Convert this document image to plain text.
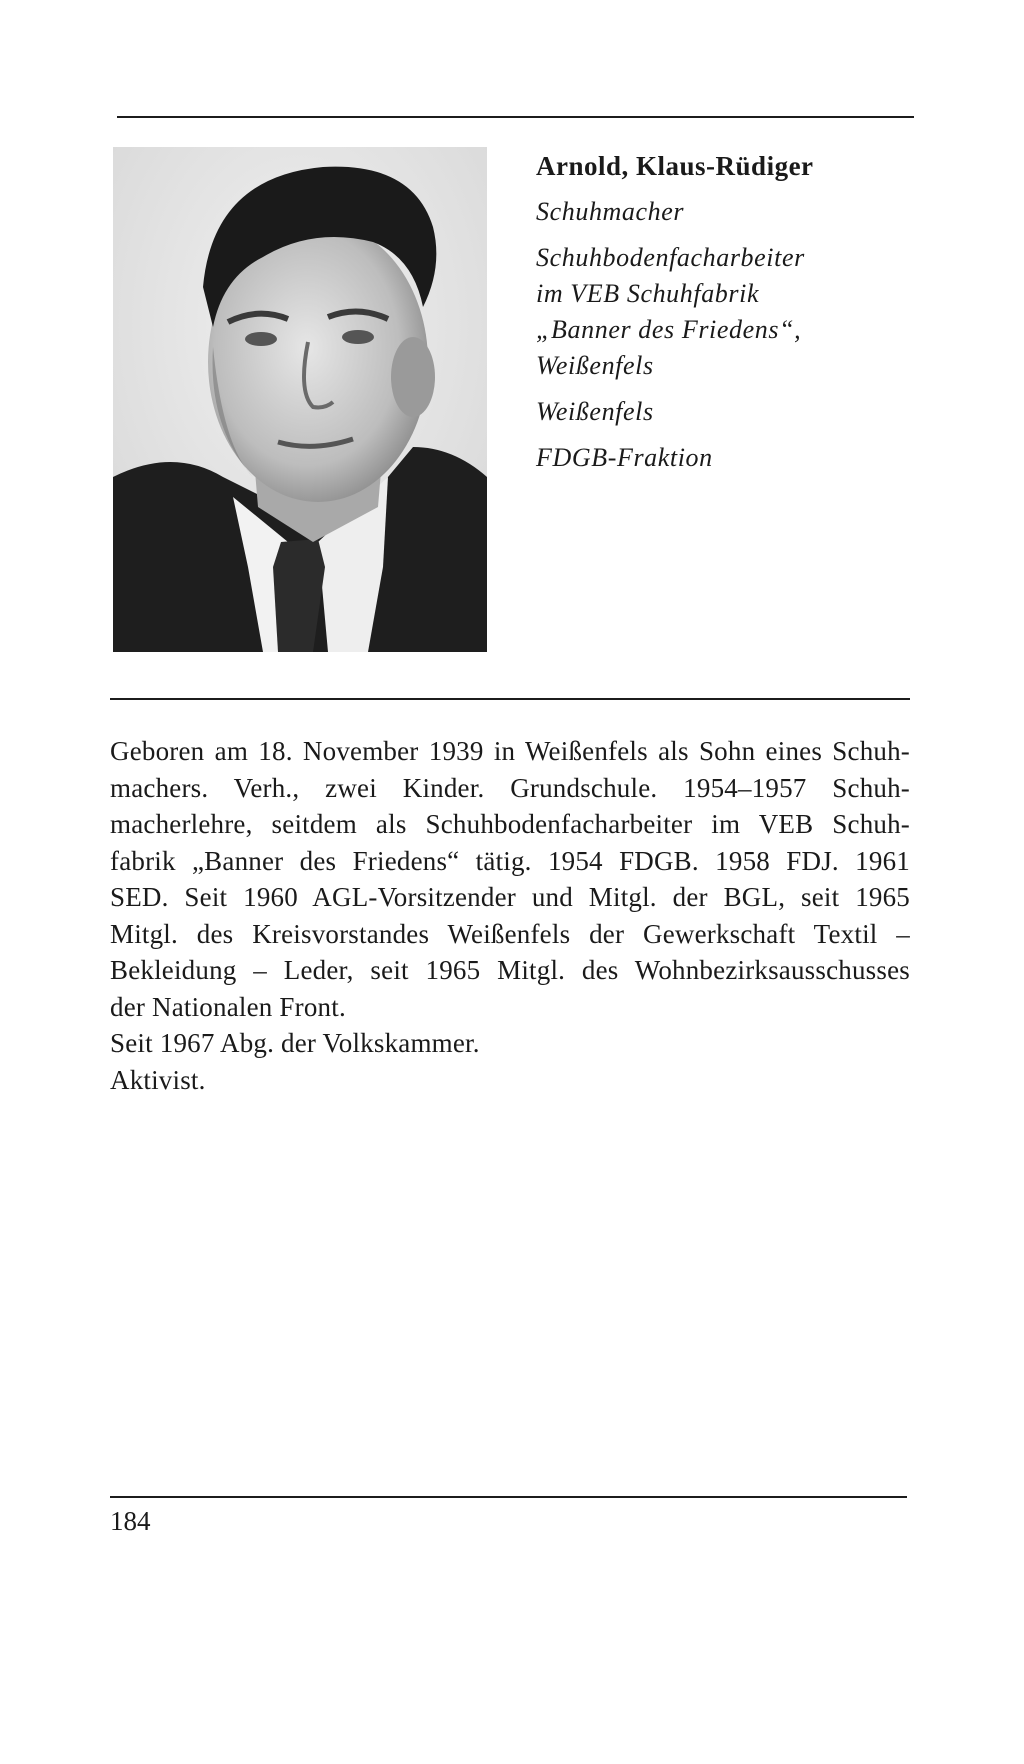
Arnold, Klaus-Rüdiger

Schuhmacher

Schuhbodenfacharbeiter

im VEB Schuhfabrik

„Banner des Friedens“,

Weißenfels

Weißenfels

FDGB-Fraktion

Geboren am 18. November 1939 in Weißenfels als Sohn eines Schuh-
machers. Verh., zwei Kinder. Grundschule. 1954–1957 Schuh-
macherlehre, seitdem als Schuhbodenfacharbeiter im VEB Schuh-
fabrik „Banner des Friedens“ tätig. 1954 FDGB. 1958 FDJ. 1961
SED. Seit 1960 AGL-Vorsitzender und Mitgl. der BGL, seit 1965
Mitgl. des Kreisvorstandes Weißenfels der Gewerkschaft Textil –
Bekleidung – Leder, seit 1965 Mitgl. des Wohnbezirksausschusses
der Nationalen Front.
Seit 1967 Abg. der Volkskammer.
Aktivist.
184
